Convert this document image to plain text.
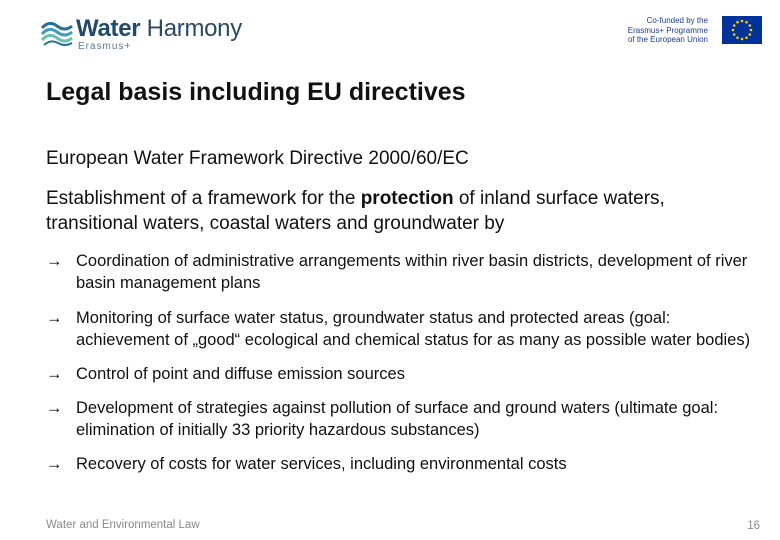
Water Harmony
Erasmus+
Co-funded by the
Erasmus+ Programme
of the European Union
Legal basis including EU directives
European Water Framework Directive 2000/60/EC
Establishment of a framework for the protection of inland surface waters, transitional waters, coastal waters and groundwater by
→ Coordination of administrative arrangements within river basin districts, development of river basin management plans
→ Monitoring of surface water status, groundwater status and protected areas (goal: achievement of „good“ ecological and chemical status for as many as possible water bodies)
→ Control of point and diffuse emission sources
→ Development of strategies against pollution of surface and ground waters (ultimate goal: elimination of initially 33 priority hazardous substances)
→ Recovery of costs for water services, including environmental costs
Water and Environmental Law	16
